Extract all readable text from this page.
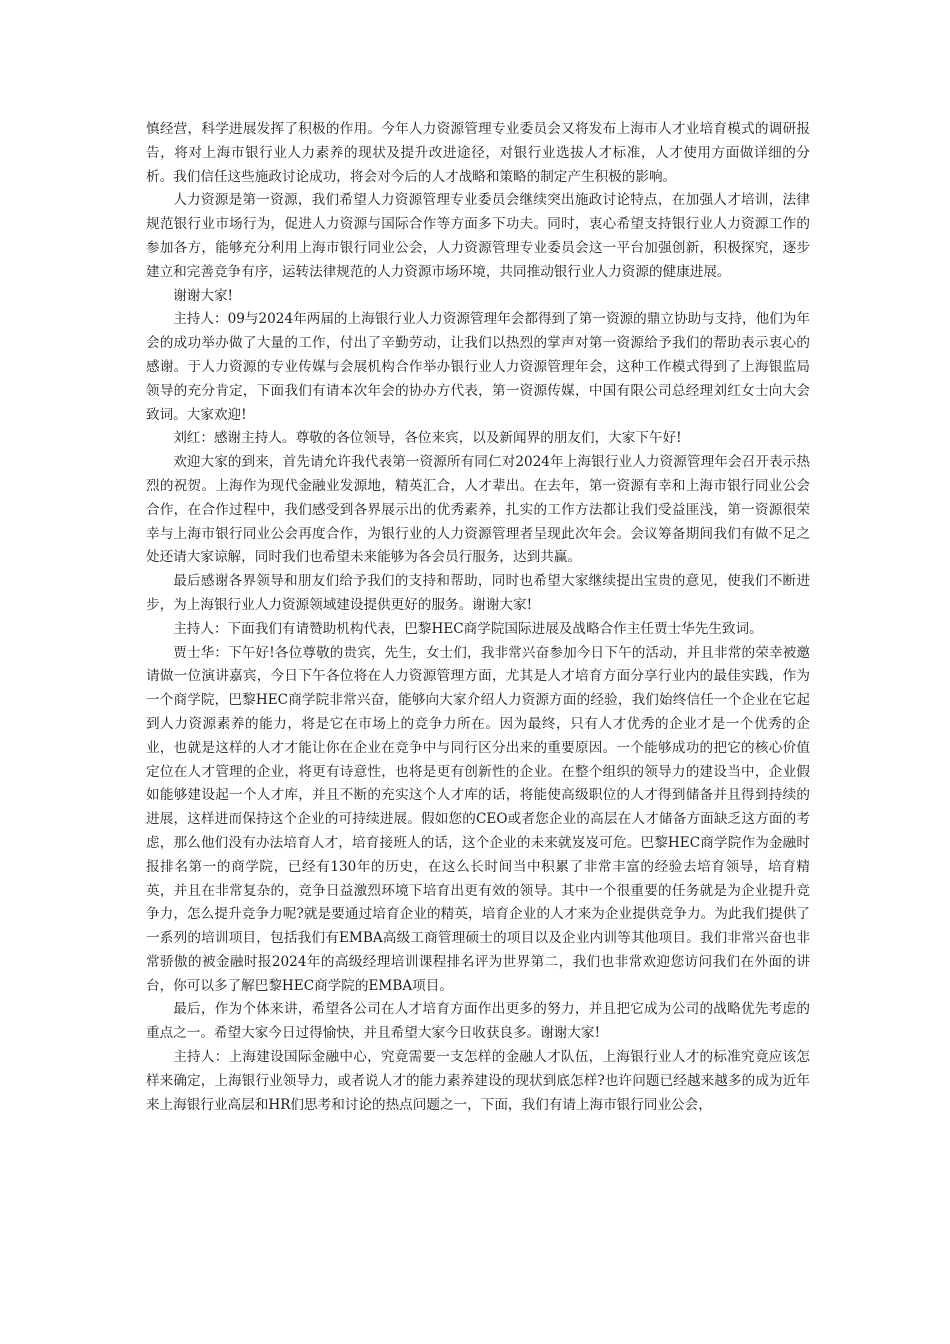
慎经营，科学进展发挥了积极的作用。今年人力资源管理专业委员会又将发布上海市人才业培育模式的调研报告，将对上海市银行业人力素养的现状及提升改进途径，对银行业选拔人才标准，人才使用方面做详细的分析。我们信任这些施政讨论成功，将会对今后的人才战略和策略的制定产生积极的影响。

人力资源是第一资源，我们希望人力资源管理专业委员会继续突出施政讨论特点，在加强人才培训，法律规范银行业市场行为，促进人力资源与国际合作等方面多下功夫。同时，衷心希望支持银行业人力资源工作的参加各方，能够充分利用上海市银行同业公会，人力资源管理专业委员会这一平台加强创新，积极探究，逐步建立和完善竞争有序，运转法律规范的人力资源市场环境，共同推动银行业人力资源的健康进展。

谢谢大家!

主持人：09与2024年两届的上海银行业人力资源管理年会都得到了第一资源的鼎立协助与支持，他们为年会的成功举办做了大量的工作，付出了辛勤劳动，让我们以热烈的掌声对第一资源给予我们的帮助表示衷心的感谢。于人力资源的专业传媒与会展机构合作举办银行业人力资源管理年会，这种工作模式得到了上海银监局领导的充分肯定，下面我们有请本次年会的协办方代表，第一资源传媒，中国有限公司总经理刘红女士向大会致词。大家欢迎!

刘红：感谢主持人。尊敬的各位领导，各位来宾，以及新闻界的朋友们，大家下午好!

欢迎大家的到来，首先请允许我代表第一资源所有同仁对2024年上海银行业人力资源管理年会召开表示热烈的祝贺。上海作为现代金融业发源地，精英汇合，人才辈出。在去年，第一资源有幸和上海市银行同业公会合作，在合作过程中，我们感受到各界展示出的优秀素养，扎实的工作方法都让我们受益匪浅，第一资源很荣幸与上海市银行同业公会再度合作，为银行业的人力资源管理者呈现此次年会。会议筹备期间我们有做不足之处还请大家谅解，同时我们也希望未来能够为各会员行服务，达到共赢。

最后感谢各界领导和朋友们给予我们的支持和帮助，同时也希望大家继续提出宝贵的意见，使我们不断进步，为上海银行业人力资源领域建设提供更好的服务。谢谢大家!

主持人：下面我们有请赞助机构代表，巴黎HEC商学院国际进展及战略合作主任贾士华先生致词。

贾士华：下午好!各位尊敬的贵宾，先生，女士们，我非常兴奋参加今日下午的活动，并且非常的荣幸被邀请做一位演讲嘉宾，今日下午各位将在人力资源管理方面，尤其是人才培育方面分享行业内的最佳实践，作为一个商学院，巴黎HEC商学院非常兴奋，能够向大家介绍人力资源方面的经验，我们始终信任一个企业在它起到人力资源素养的能力，将是它在市场上的竞争力所在。因为最终，只有人才优秀的企业才是一个优秀的企业，也就是这样的人才才能让你在企业在竞争中与同行区分出来的重要原因。一个能够成功的把它的核心价值定位在人才管理的企业，将更有诗意性，也将是更有创新性的企业。在整个组织的领导力的建设当中，企业假如能够建设起一个人才库，并且不断的充实这个人才库的话，将能使高级职位的人才得到储备并且得到持续的进展，这样进而保持这个企业的可持续进展。假如您的CEO或者您企业的高层在人才储备方面缺乏这方面的考虑，那么他们没有办法培育人才，培育接班人的话，这个企业的未来就岌岌可危。巴黎HEC商学院作为金融时报排名第一的商学院，已经有130年的历史，在这么长时间当中积累了非常丰富的经验去培育领导，培育精英，并且在非常复杂的，竞争日益激烈环境下培育出更有效的领导。其中一个很重要的任务就是为企业提升竞争力，怎么提升竞争力呢?就是要通过培育企业的精英，培育企业的人才来为企业提供竞争力。为此我们提供了一系列的培训项目，包括我们有EMBA高级工商管理硕士的项目以及企业内训等其他项目。我们非常兴奋也非常骄傲的被金融时报2024年的高级经理培训课程排名评为世界第二，我们也非常欢迎您访问我们在外面的讲台，你可以多了解巴黎HEC商学院的EMBA项目。

最后，作为个体来讲，希望各公司在人才培育方面作出更多的努力，并且把它成为公司的战略优先考虑的重点之一。希望大家今日过得愉快，并且希望大家今日收获良多。谢谢大家!

主持人：上海建设国际金融中心，究竟需要一支怎样的金融人才队伍，上海银行业人才的标准究竟应该怎样来确定，上海银行业领导力，或者说人才的能力素养建设的现状到底怎样?也许问题已经越来越多的成为近年来上海银行业高层和HR们思考和讨论的热点问题之一，下面，我们有请上海市银行同业公会，
